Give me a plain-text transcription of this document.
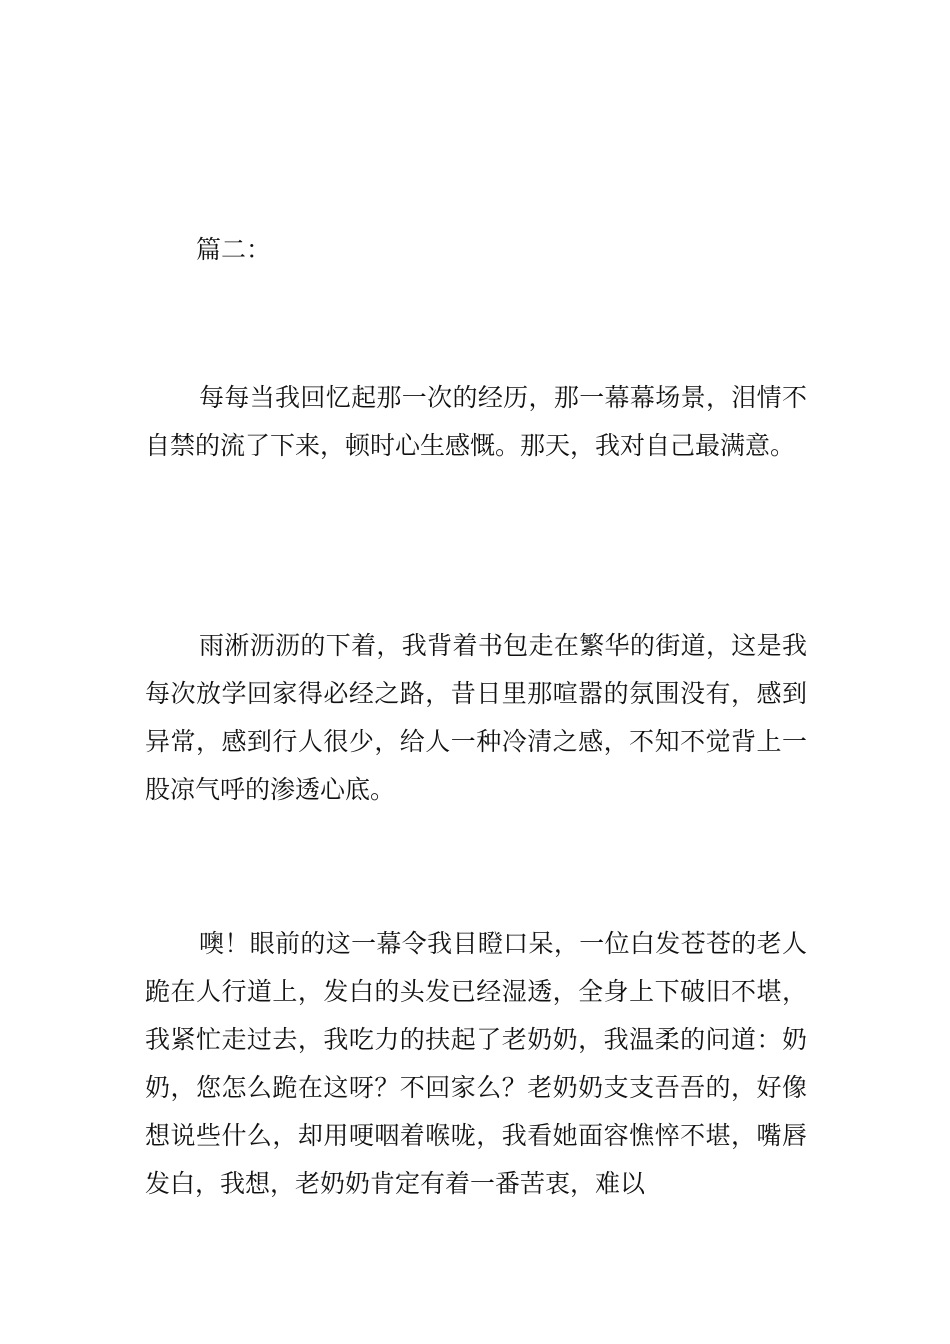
篇二：

每每当我回忆起那一次的经历，那一幕幕场景，泪情不自禁的流了下来，顿时心生感慨。那天，我对自己最满意。

雨淅沥沥的下着，我背着书包走在繁华的街道，这是我每次放学回家得必经之路，昔日里那喧嚣的氛围没有，感到异常，感到行人很少，给人一种冷清之感，不知不觉背上一股凉气呼的渗透心底。

噢！眼前的这一幕令我目瞪口呆，一位白发苍苍的老人跪在人行道上，发白的头发已经湿透，全身上下破旧不堪，我紧忙走过去，我吃力的扶起了老奶奶，我温柔的问道：奶奶，您怎么跪在这呀？不回家么？老奶奶支支吾吾的，好像想说些什么，却用哽咽着喉咙，我看她面容憔悴不堪，嘴唇发白，我想，老奶奶肯定有着一番苦衷，难以
